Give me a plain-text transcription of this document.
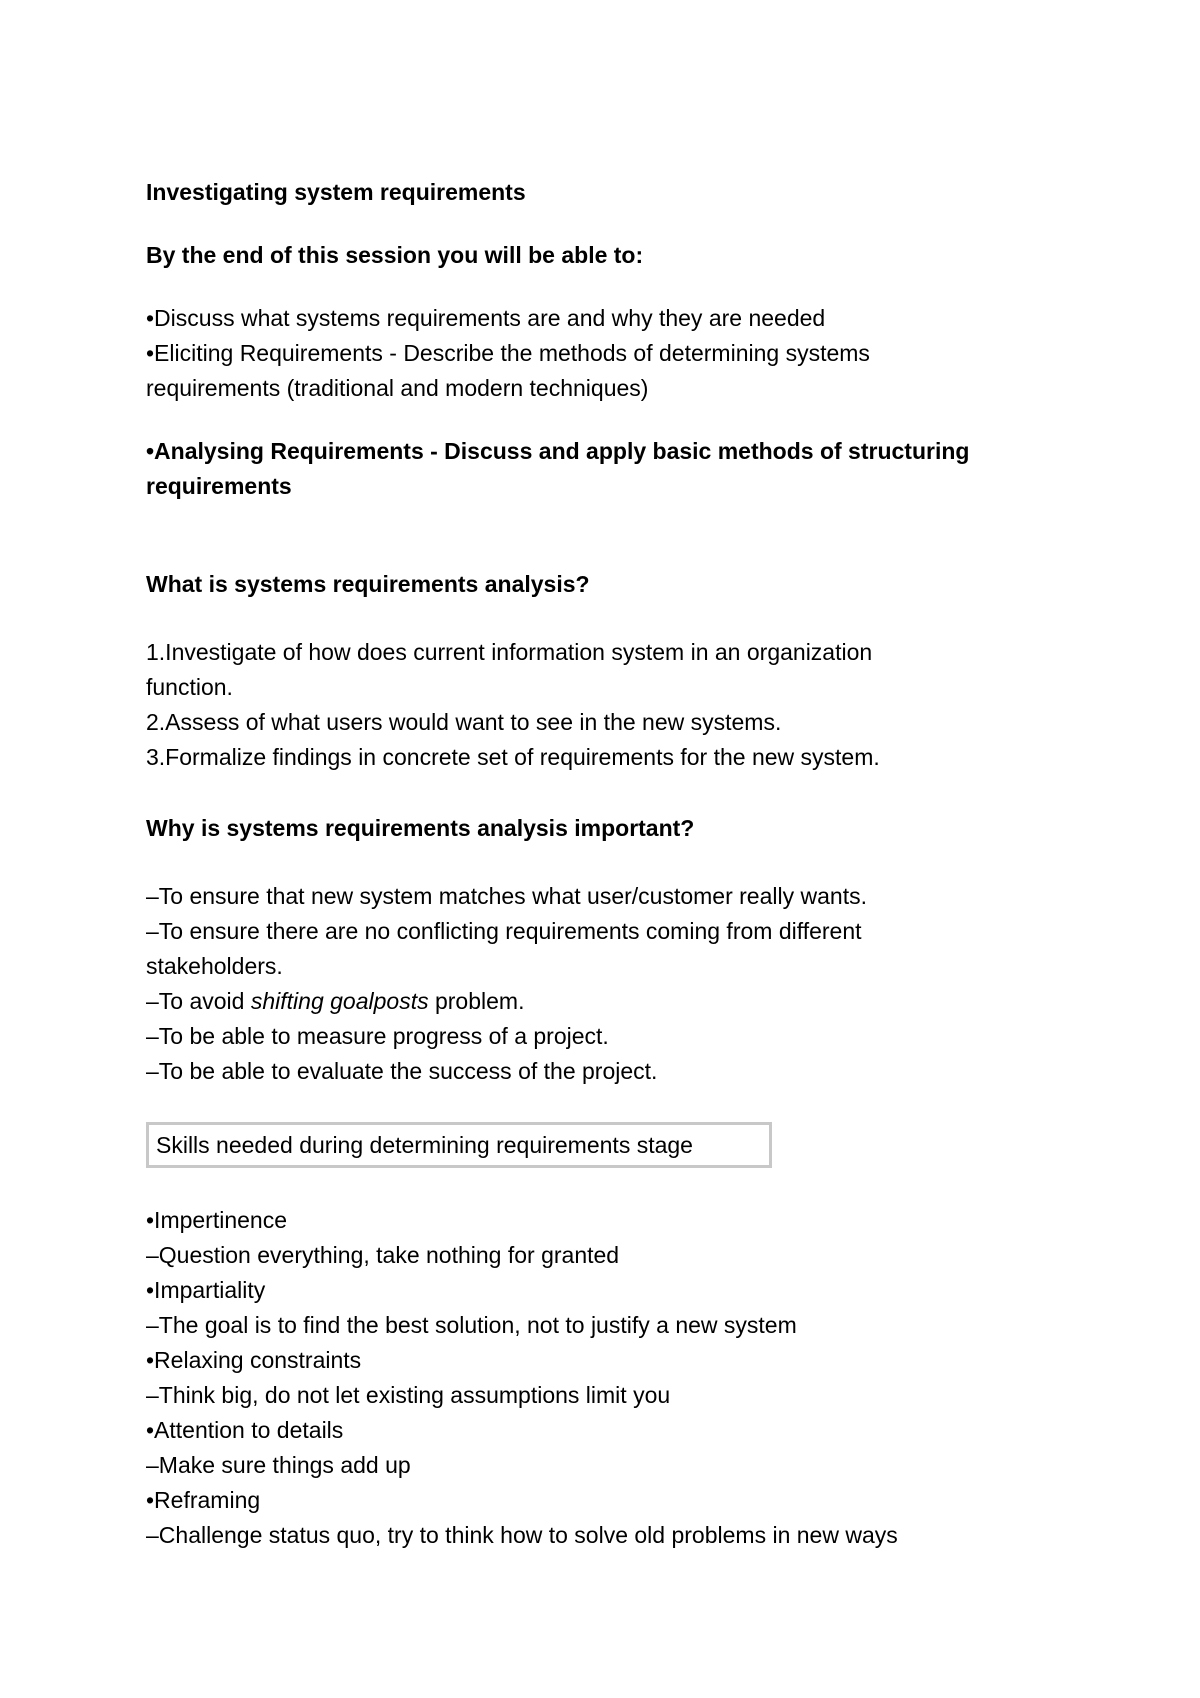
Investigating system requirements
By the end of this session you will be able to:
•Discuss what systems requirements are and why they are needed
•Eliciting Requirements - Describe the methods of determining systems
requirements (traditional and modern techniques)
•Analysing Requirements - Discuss and apply basic methods of structuring
requirements
What is systems requirements analysis?
1.Investigate of how does current information system in an organization
function.
2.Assess of what users would want to see in the new systems.
3.Formalize findings in concrete set of requirements for the new system.
Why is systems requirements analysis important?
–To ensure that new system matches what user/customer really wants.
–To ensure there are no conflicting requirements coming from different
stakeholders.
–To avoid shifting goalposts problem.
–To be able to measure progress of a project.
–To be able to evaluate the success of the project.
Skills needed during determining requirements stage
•Impertinence
–Question everything, take nothing for granted
•Impartiality
–The goal is to find the best solution, not to justify a new system
•Relaxing constraints
–Think big, do not let existing assumptions limit you
•Attention to details
–Make sure things add up
•Reframing
–Challenge status quo, try to think how to solve old problems in new ways
